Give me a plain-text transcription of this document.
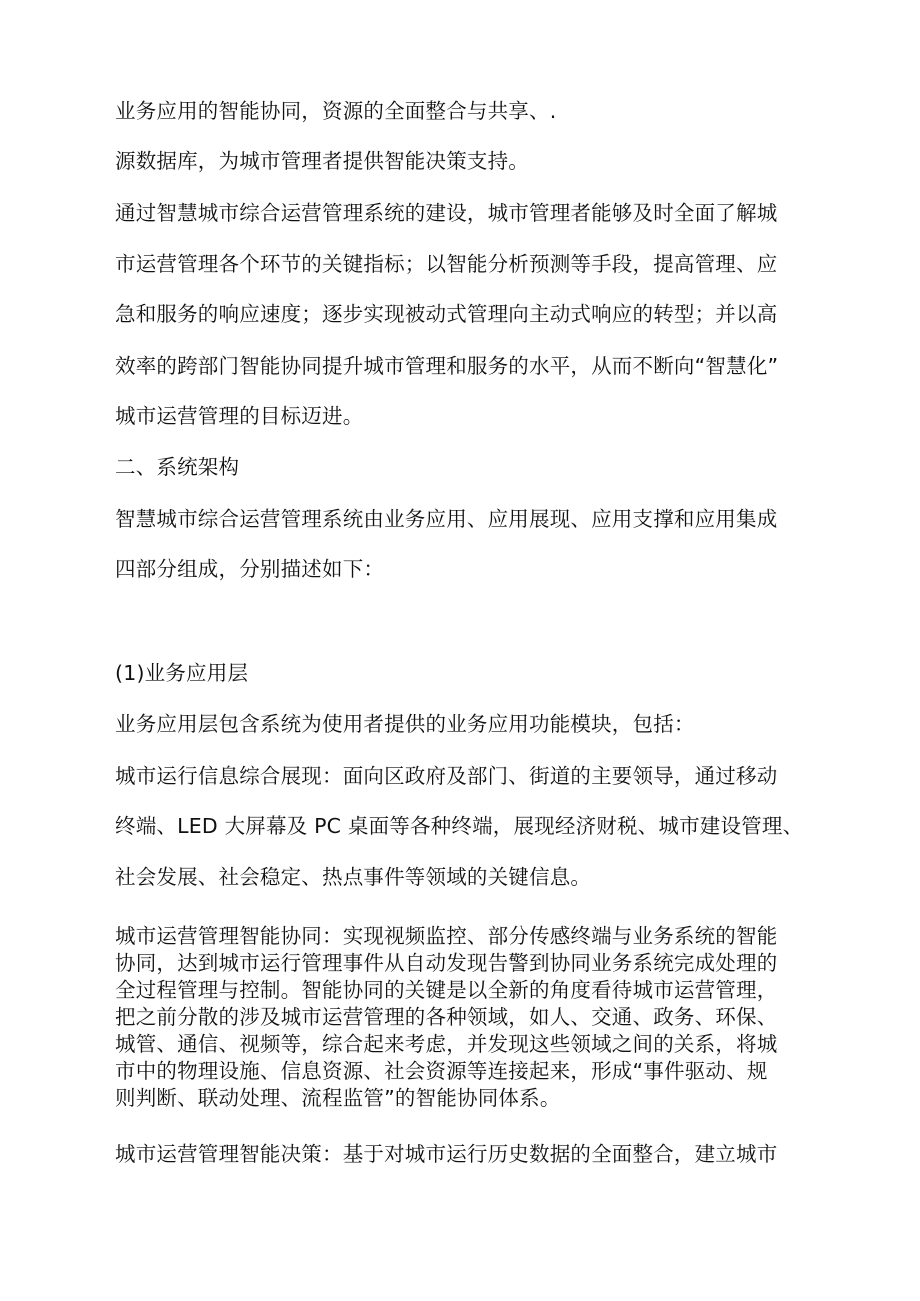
业务应用的智能协同，资源的全面整合与共享、.
源数据库，为城市管理者提供智能决策支持。
通过智慧城市综合运营管理系统的建设，城市管理者能够及时全面了解城
市运营管理各个环节的关键指标；以智能分析预测等手段，提高管理、应
急和服务的响应速度；逐步实现被动式管理向主动式响应的转型；并以高
效率的跨部门智能协同提升城市管理和服务的水平，从而不断向“智慧化”
城市运营管理的目标迈进。
二、系统架构
智慧城市综合运营管理系统由业务应用、应用展现、应用支撑和应用集成
四部分组成，分别描述如下：
(1)业务应用层
业务应用层包含系统为使用者提供的业务应用功能模块，包括：
城市运行信息综合展现：面向区政府及部门、街道的主要领导，通过移动
终端、LED 大屏幕及 PC 桌面等各种终端，展现经济财税、城市建设管理、
社会发展、社会稳定、热点事件等领域的关键信息。
城市运营管理智能协同：实现视频监控、部分传感终端与业务系统的智能
协同，达到城市运行管理事件从自动发现告警到协同业务系统完成处理的
全过程管理与控制。智能协同的关键是以全新的角度看待城市运营管理，
把之前分散的涉及城市运营管理的各种领域，如人、交通、政务、环保、
城管、通信、视频等，综合起来考虑，并发现这些领域之间的关系，将城
市中的物理设施、信息资源、社会资源等连接起来，形成“事件驱动、规
则判断、联动处理、流程监管”的智能协同体系。
城市运营管理智能决策：基于对城市运行历史数据的全面整合，建立城市
